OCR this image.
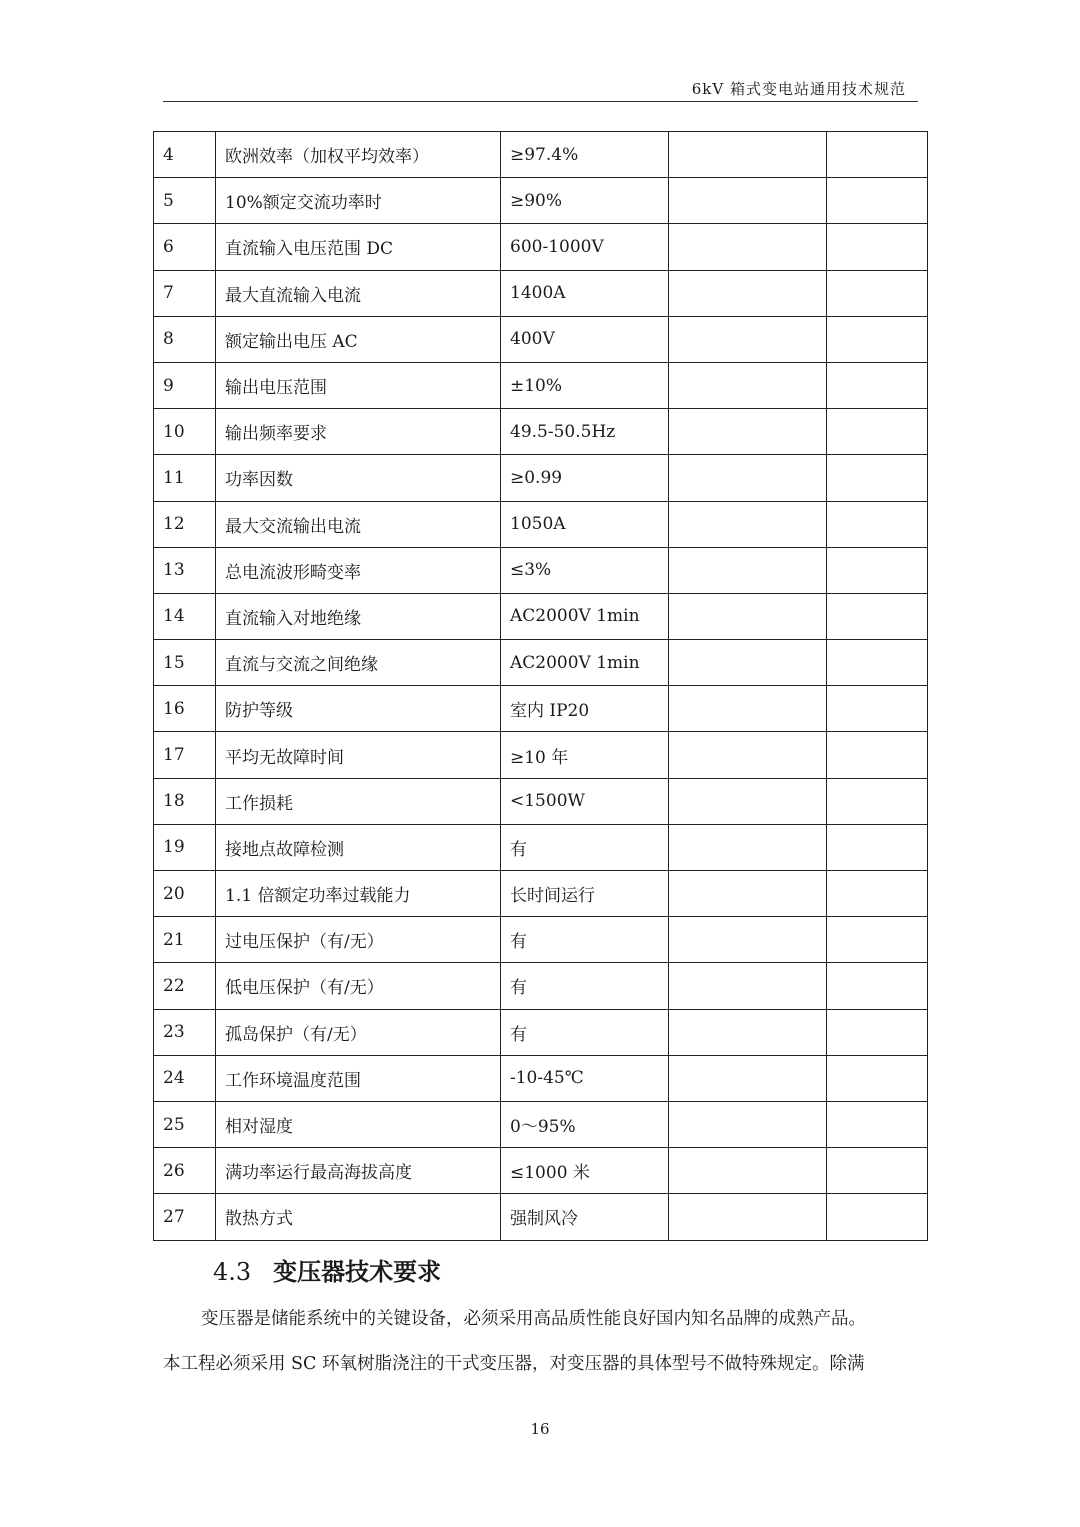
6kV 箱式变电站通用技术规范
4	欧洲效率（加权平均效率）	≥97.4%		
5	10%额定交流功率时	≥90%		
6	直流输入电压范围 DC	600-1000V		
7	最大直流输入电流	1400A		
8	额定输出电压 AC	400V		
9	输出电压范围	±10%		
10	输出频率要求	49.5-50.5Hz		
11	功率因数	≥0.99		
12	最大交流输出电流	1050A		
13	总电流波形畸变率	≤3%		
14	直流输入对地绝缘	AC2000V 1min		
15	直流与交流之间绝缘	AC2000V 1min		
16	防护等级	室内 IP20		
17	平均无故障时间	≥10 年		
18	工作损耗	<1500W		
19	接地点故障检测	有		
20	1.1 倍额定功率过载能力	长时间运行		
21	过电压保护（有/无）	有		
22	低电压保护（有/无）	有		
23	孤岛保护（有/无）	有		
24	工作环境温度范围	-10-45℃		
25	相对湿度	0～95%		
26	满功率运行最高海拔高度	≤1000 米		
27	散热方式	强制风冷		
4.3 变压器技术要求
变压器是储能系统中的关键设备，必须采用高品质性能良好国内知名品牌的成熟产品。
本工程必须采用 SC 环氧树脂浇注的干式变压器，对变压器的具体型号不做特殊规定。除满
16
